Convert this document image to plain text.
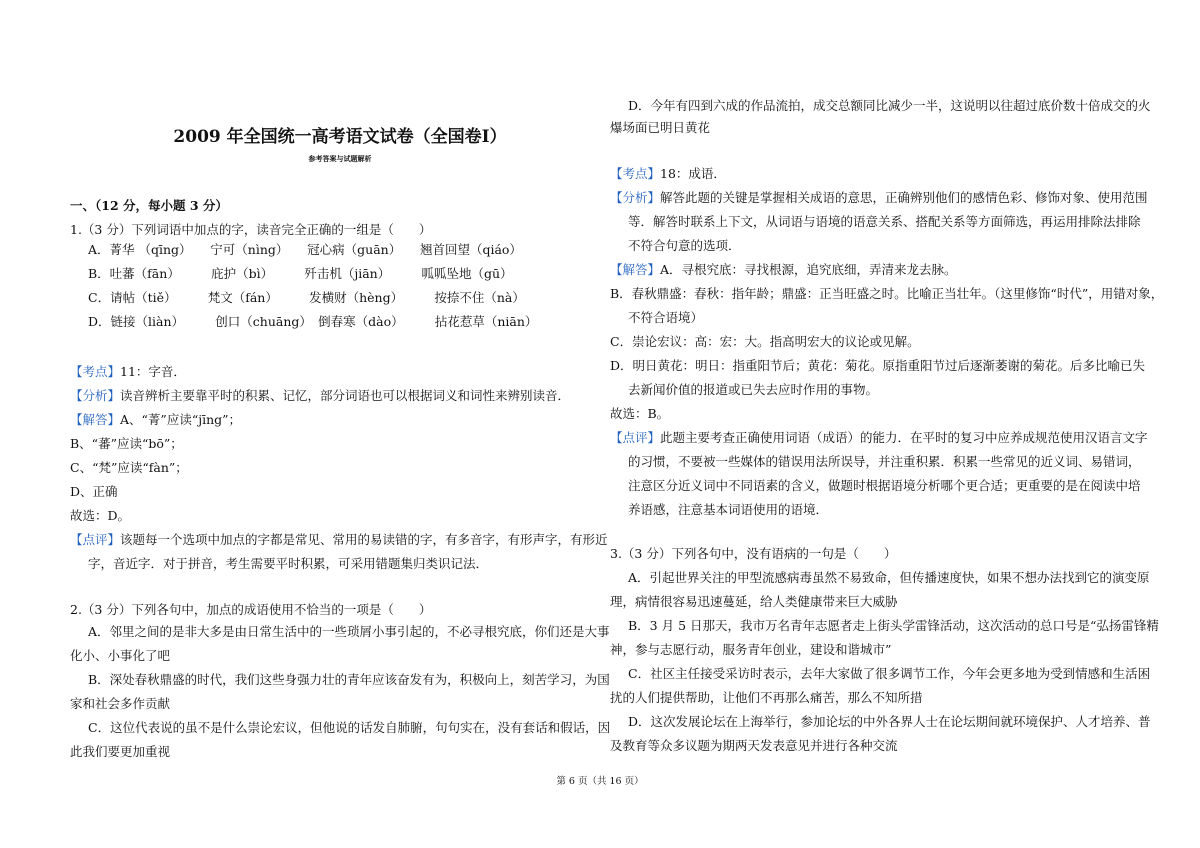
2009 年全国统一高考语文试卷（全国卷Ⅰ）
参考答案与试题解析
一、（12 分，每小题 3 分）
1.（3 分）下列词语中加点的字，读音完全正确的一组是（　　）
A．菁华 （qīng）　　宁可（nìng）　　冠心病（guān）　　翘首回望（qiáo）
B．吐蕃（fān）　　　庇护（bì）　　　歼击机（jiān）　　　呱呱坠地（gū）
C．请帖（tiě）　　　梵文（fán）　　　发横财（hèng）　　　按捺不住（nà）
D．链接（liàn）　　　创口（chuāng）　倒春寒（dào）　　　拈花惹草（niān）
【考点】11：字音．
【分析】读音辨析主要靠平时的积累、记忆，部分词语也可以根据词义和词性来辨别读音．
【解答】A、“菁”应读“jīng”；
B、“蕃”应读“bō”；
C、“梵”应读“fàn”；
D、正确
故选：D。
【点评】该题每一个选项中加点的字都是常见、常用的易读错的字，有多音字，有形声字，有形近
字，音近字．对于拼音，考生需要平时积累，可采用错题集归类识记法．
2.（3 分）下列各句中，加点的成语使用不恰当的一项是（　　）
A．邻里之间的是非大多是由日常生活中的一些琐屑小事引起的，不必寻根究底，你们还是大事
化小、小事化了吧
B．深处春秋鼎盛的时代，我们这些身强力壮的青年应该奋发有为，积极向上，刻苦学习，为国
家和社会多作贡献
C．这位代表说的虽不是什么崇论宏议，但他说的话发自肺腑，句句实在，没有套话和假话，因
此我们要更加重视
D．今年有四到六成的作品流拍，成交总额同比减少一半，这说明以往超过底价数十倍成交的火
爆场面已明日黄花
【考点】18：成语．
【分析】解答此题的关键是掌握相关成语的意思，正确辨别他们的感情色彩、修饰对象、使用范围
等．解答时联系上下文，从词语与语境的语意关系、搭配关系等方面筛选，再运用排除法排除
不符合句意的选项．
【解答】A．寻根究底：寻找根源，追究底细，弄清来龙去脉。
B．春秋鼎盛：春秋：指年龄；鼎盛：正当旺盛之时。比喻正当壮年。（这里修饰“时代”，用错对象，
不符合语境）
C．崇论宏议：高：宏：大。指高明宏大的议论或见解。
D．明日黄花：明日：指重阳节后；黄花：菊花。原指重阳节过后逐渐萎谢的菊花。后多比喻已失
去新闻价值的报道或已失去应时作用的事物。
故选：B。
【点评】此题主要考查正确使用词语（成语）的能力．在平时的复习中应养成规范使用汉语言文字
的习惯，不要被一些媒体的错误用法所误导，并注重积累．积累一些常见的近义词、易错词，
注意区分近义词中不同语素的含义，做题时根据语境分析哪个更合适；更重要的是在阅读中培
养语感，注意基本词语使用的语境．
3.（3 分）下列各句中，没有语病的一句是（　　）
A．引起世界关注的甲型流感病毒虽然不易致命，但传播速度快，如果不想办法找到它的演变原
理，病情很容易迅速蔓延，给人类健康带来巨大威胁
B．3 月 5 日那天，我市万名青年志愿者走上街头学雷锋活动，这次活动的总口号是“弘扬雷锋精
神，参与志愿行动，服务青年创业，建设和谐城市”
C．社区主任接受采访时表示，去年大家做了很多调节工作，今年会更多地为受到情感和生活困
扰的人们提供帮助，让他们不再那么痛苦，那么不知所措
D．这次发展论坛在上海举行，参加论坛的中外各界人士在论坛期间就环境保护、人才培养、普
及教育等众多议题为期两天发表意见并进行各种交流
第 6 页（共 16 页）
